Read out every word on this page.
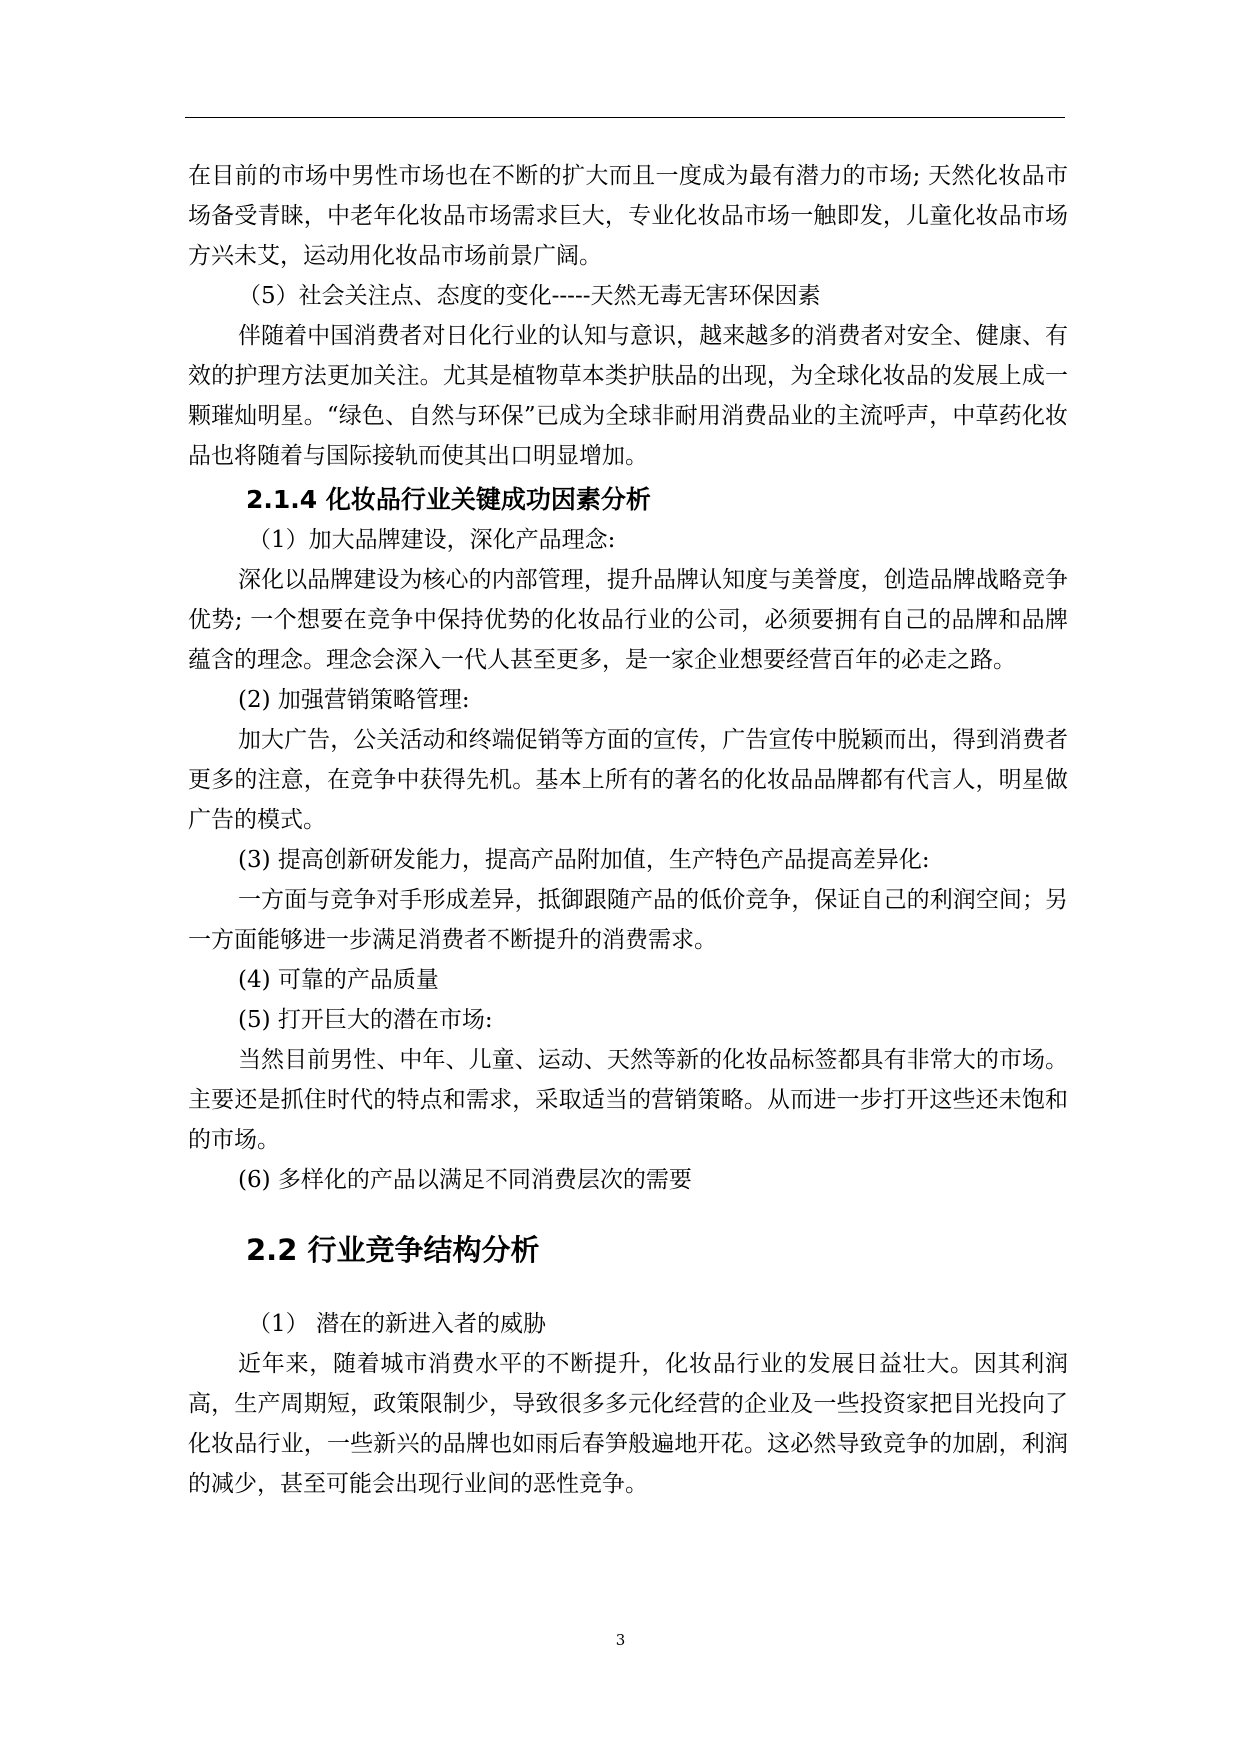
在目前的市场中男性市场也在不断的扩大而且一度成为最有潜力的市场; 天然化妆品市场备受青睐，中老年化妆品市场需求巨大，专业化妆品市场一触即发，儿童化妆品市场方兴未艾，运动用化妆品市场前景广阔。

（5）社会关注点、态度的变化-----天然无毒无害环保因素

伴随着中国消费者对日化行业的认知与意识，越来越多的消费者对安全、健康、有效的护理方法更加关注。尤其是植物草本类护肤品的出现，为全球化妆品的发展上成一颗璀灿明星。“绿色、自然与环保”已成为全球非耐用消费品业的主流呼声，中草药化妆品也将随着与国际接轨而使其出口明显增加。

2.1.4 化妆品行业关键成功因素分析

（1）加大品牌建设，深化产品理念:

深化以品牌建设为核心的内部管理，提升品牌认知度与美誉度，创造品牌战略竞争优势; 一个想要在竞争中保持优势的化妆品行业的公司，必须要拥有自己的品牌和品牌蕴含的理念。理念会深入一代人甚至更多，是一家企业想要经营百年的必走之路。

(2) 加强营销策略管理:

加大广告，公关活动和终端促销等方面的宣传，广告宣传中脱颖而出，得到消费者更多的注意，在竞争中获得先机。基本上所有的著名的化妆品品牌都有代言人，明星做广告的模式。

(3) 提高创新研发能力，提高产品附加值，生产特色产品提高差异化:

一方面与竞争对手形成差异，抵御跟随产品的低价竞争，保证自己的利润空间；另一方面能够进一步满足消费者不断提升的消费需求。

(4) 可靠的产品质量

(5) 打开巨大的潜在市场:

当然目前男性、中年、儿童、运动、天然等新的化妆品标签都具有非常大的市场。主要还是抓住时代的特点和需求，采取适当的营销策略。从而进一步打开这些还未饱和的市场。

(6) 多样化的产品以满足不同消费层次的需要

2.2 行业竞争结构分析

（1） 潜在的新进入者的威胁

近年来，随着城市消费水平的不断提升，化妆品行业的发展日益壮大。因其利润高，生产周期短，政策限制少，导致很多多元化经营的企业及一些投资家把目光投向了化妆品行业，一些新兴的品牌也如雨后春笋般遍地开花。这必然导致竞争的加剧，利润的减少，甚至可能会出现行业间的恶性竞争。

3
